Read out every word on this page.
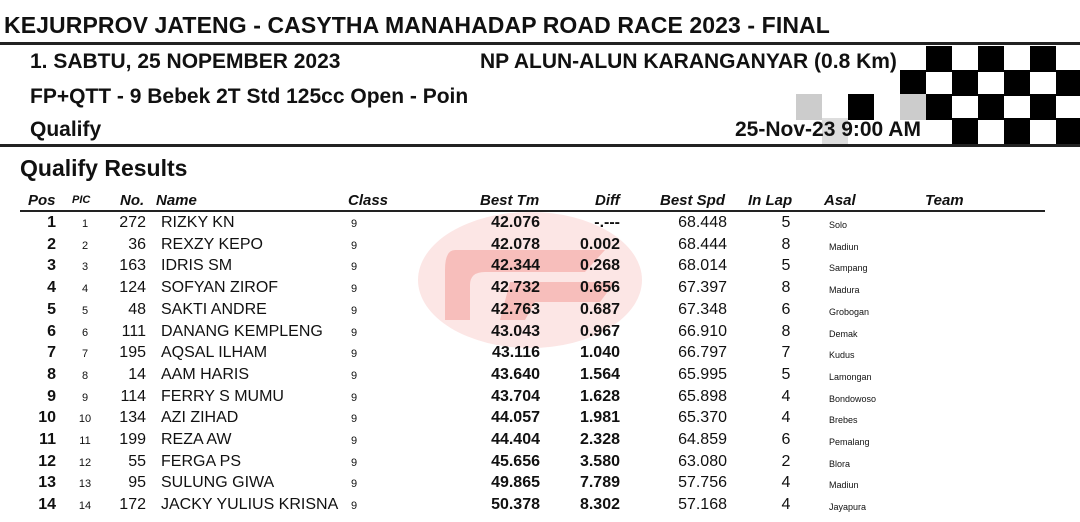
KEJURPROV JATENG - CASYTHA MANAHADAP ROAD RACE 2023 - FINAL
1. SABTU, 25 NOPEMBER 2023	NP ALUN-ALUN KARANGANYAR (0.8 Km)
FP+QTT - 9 Bebek 2T Std 125cc Open - Poin
Qualify	25-Nov-23 9:00 AM
Qualify Results
Pos PIC No. Name	Class	Best Tm	Diff	Best Spd In Lap Asal	Team
1	1	272 RIZKY KN	9	42.076	-.---	68.448	5	Solo
2	2	36 REXZY KEPO	9	42.078	0.002	68.444	8	Madiun
3	3	163 IDRIS SM	9	42.344	0.268	68.014	5	Sampang
4	4	124 SOFYAN ZIROF	9	42.732	0.656	67.397	8	Madura
5	5	48 SAKTI ANDRE	9	42.763	0.687	67.348	6	Grobogan
6	6	111 DANANG KEMPLENG	9	43.043	0.967	66.910	8	Demak
7	7	195 AQSAL ILHAM	9	43.116	1.040	66.797	7	Kudus
8	8	14 AAM HARIS	9	43.640	1.564	65.995	5	Lamongan
9	9	114 FERRY S MUMU	9	43.704	1.628	65.898	4	Bondowoso
10 10	134 AZI ZIHAD	9	44.057	1.981	65.370	4	Brebes
11 11	199 REZA AW	9	44.404	2.328	64.859	6	Pemalang
12 12	55 FERGA PS	9	45.656	3.580	63.080	2	Blora
13 13	95 SULUNG GIWA	9	49.865	7.789	57.756	4	Madiun
14 14	172 JACKY YULIUS KRISNA 9	50.378	8.302	57.168	4	Jayapura
